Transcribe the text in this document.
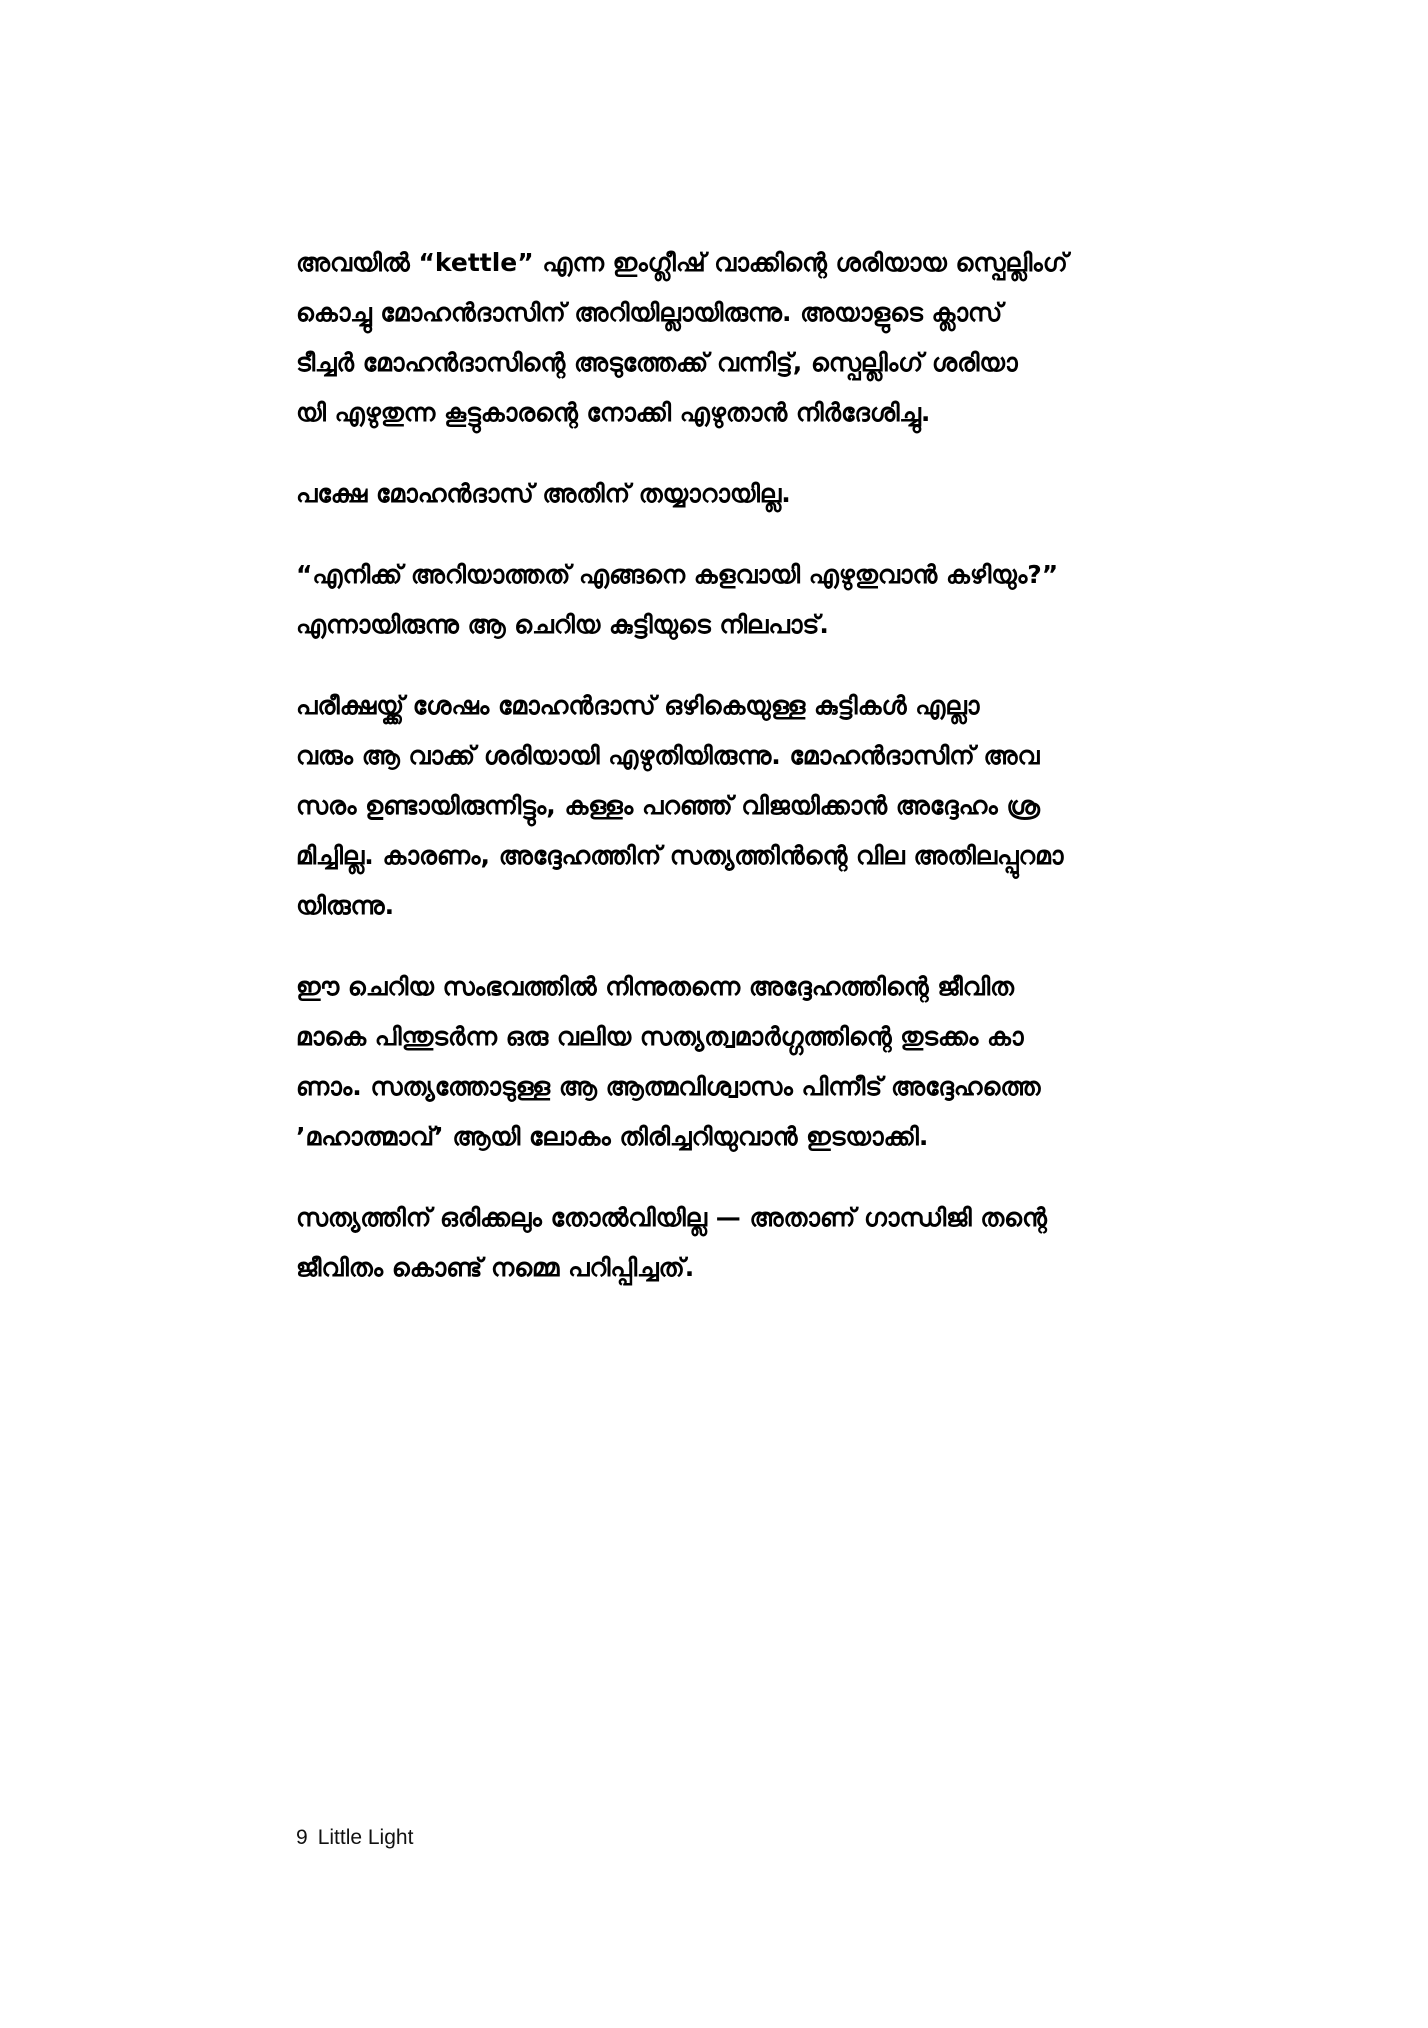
അവയിൽ “kettle” എന്ന ഇംഗ്ലീഷ് വാക്കിന്റെ ശരിയായ സ്പെല്ലിംഗ്
കൊച്ചു മോഹൻദാസിന് അറിയില്ലായിരുന്നു. അയാളുടെ ക്ലാസ്
ടീച്ചർ മോഹൻദാസിന്റെ അടുത്തേക്ക് വന്നിട്ട്, സ്പെല്ലിംഗ് ശരിയാ
യി എഴുതുന്ന കൂട്ടുകാരന്റെ നോക്കി എഴുതാൻ നിർദേശിച്ചു.
പക്ഷേ മോഹൻദാസ് അതിന് തയ്യാറായില്ല.
“എനിക്ക് അറിയാത്തത് എങ്ങനെ കളവായി എഴുതുവാൻ കഴിയും?”
എന്നായിരുന്നു ആ ചെറിയ കുട്ടിയുടെ നിലപാട്.
പരീക്ഷയ്ക്ക് ശേഷം മോഹൻദാസ് ഒഴികെയുള്ള കുട്ടികൾ എല്ലാ
വരും ആ വാക്ക് ശരിയായി എഴുതിയിരുന്നു. മോഹൻദാസിന് അവ
സരം ഉണ്ടായിരുന്നിട്ടും, കള്ളം പറഞ്ഞ് വിജയിക്കാൻ അദ്ദേഹം ശ്ര
മിച്ചില്ല. കാരണം, അദ്ദേഹത്തിന് സത്യത്തിൻന്റെ വില അതിലപ്പുറമാ
യിരുന്നു.
ഈ ചെറിയ സംഭവത്തിൽ നിന്നുതന്നെ അദ്ദേഹത്തിന്റെ ജീവിത
മാകെ പിന്തുടർന്ന ഒരു വലിയ സത്യത്വമാർഗ്ഗത്തിന്റെ തുടക്കം കാ
ണാം. സത്യത്തോടുള്ള ആ ആത്മവിശ്വാസം പിന്നീട് അദ്ദേഹത്തെ
’മഹാത്മാവ്’ ആയി ലോകം തിരിച്ചറിയുവാൻ ഇടയാക്കി.
സത്യത്തിന് ഒരിക്കലും തോൽവിയില്ല — അതാണ് ഗാന്ധിജി തന്റെ
ജീവിതം കൊണ്ട് നമ്മെ പറിപ്പിച്ചത്.
9 Little Light
